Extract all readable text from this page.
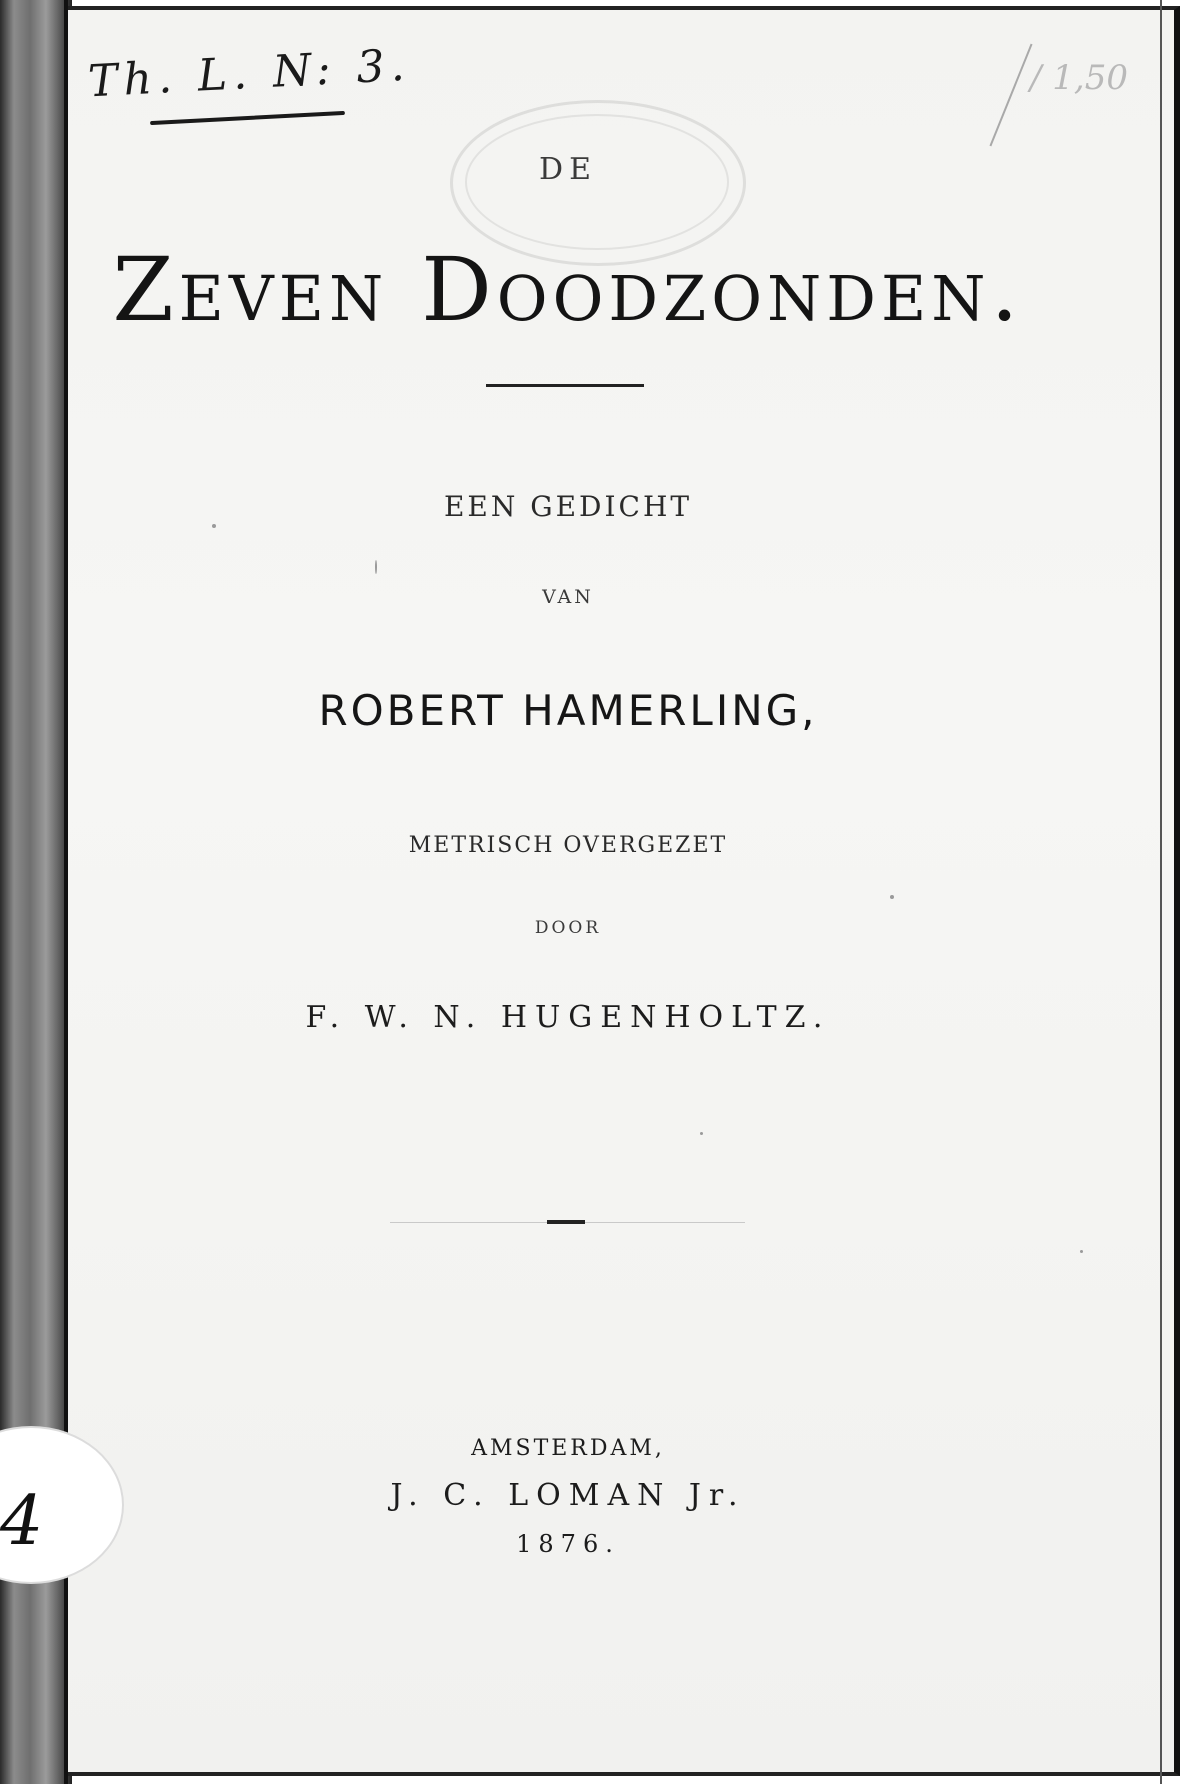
Th. L. N: 3.	/ 1,50
DE
Zeven Doodzonden.
EEN GEDICHT
VAN
ROBERT HAMERLING,
METRISCH OVERGEZET
DOOR
F. W. N. HUGENHOLTZ.
AMSTERDAM,
J. C. LOMAN Jr.
1876.
4
